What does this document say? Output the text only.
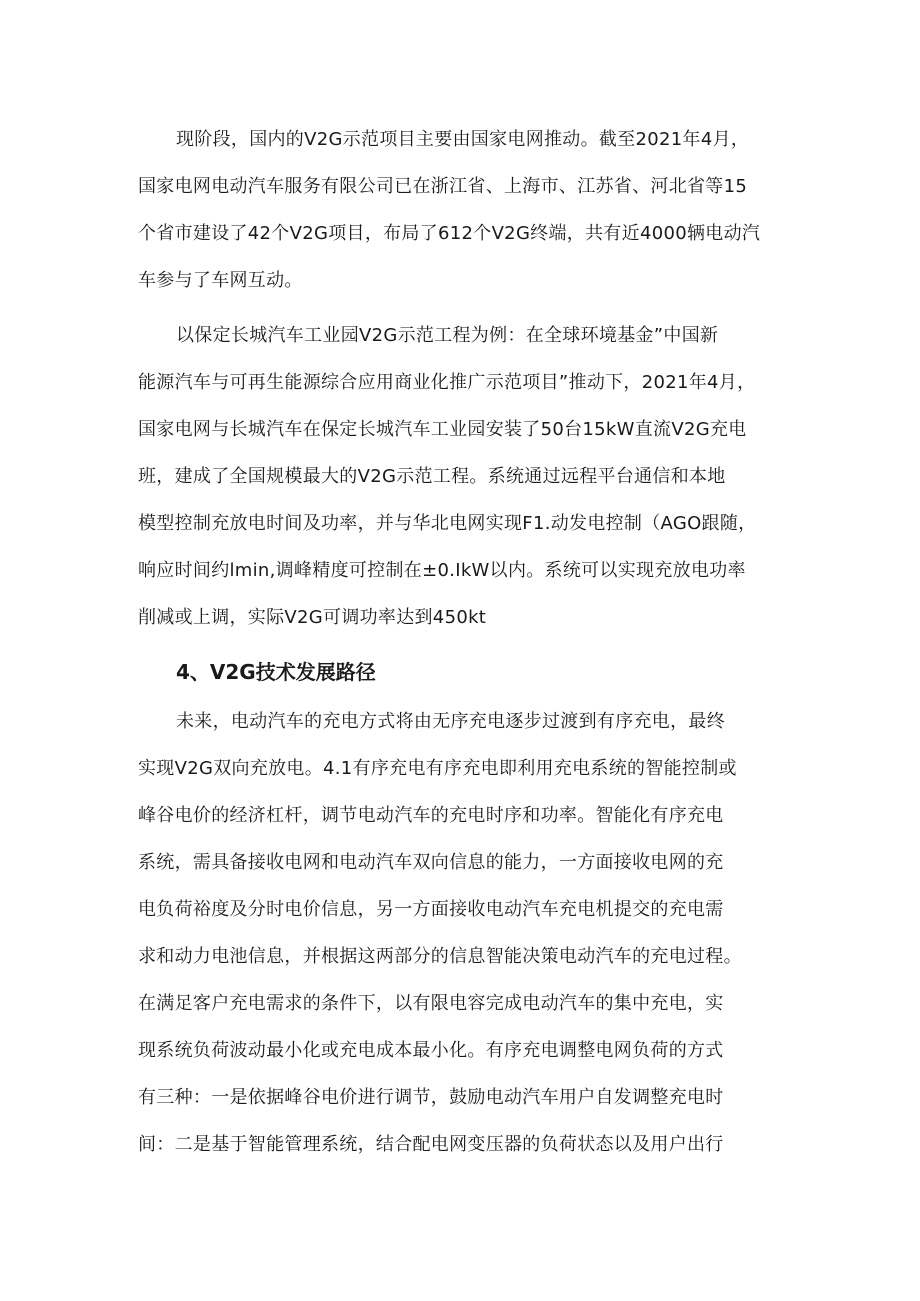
现阶段，国内的V2G示范项目主要由国家电网推动。截至2021年4月，
国家电网电动汽车服务有限公司已在浙江省、上海市、江苏省、河北省等15
个省市建设了42个V2G项目，布局了612个V2G终端，共有近4000辆电动汽
车参与了车网互动。
以保定长城汽车工业园V2G示范工程为例：在全球环境基金”中国新
能源汽车与可再生能源综合应用商业化推广示范项目”推动下，2021年4月，
国家电网与长城汽车在保定长城汽车工业园安装了50台15kW直流V2G充电
班，建成了全国规模最大的V2G示范工程。系统通过远程平台通信和本地
模型控制充放电时间及功率，并与华北电网实现F1.动发电控制（AGO跟随，
响应时间约lmin,调峰精度可控制在±0.IkW以内。系统可以实现充放电功率
削减或上调，实际V2G可调功率达到450kt
4、V2G技术发展路径
未来，电动汽车的充电方式将由无序充电逐步过渡到有序充电，最终
实现V2G双向充放电。4.1有序充电有序充电即利用充电系统的智能控制或
峰谷电价的经济杠杆，调节电动汽车的充电时序和功率。智能化有序充电
系统，需具备接收电网和电动汽车双向信息的能力，一方面接收电网的充
电负荷裕度及分时电价信息，另一方面接收电动汽车充电机提交的充电需
求和动力电池信息，并根据这两部分的信息智能决策电动汽车的充电过程。
在满足客户充电需求的条件下，以有限电容完成电动汽车的集中充电，实
现系统负荷波动最小化或充电成本最小化。有序充电调整电网负荷的方式
有三种：一是依据峰谷电价进行调节，鼓励电动汽车用户自发调整充电时
间：二是基于智能管理系统，结合配电网变压器的负荷状态以及用户出行
